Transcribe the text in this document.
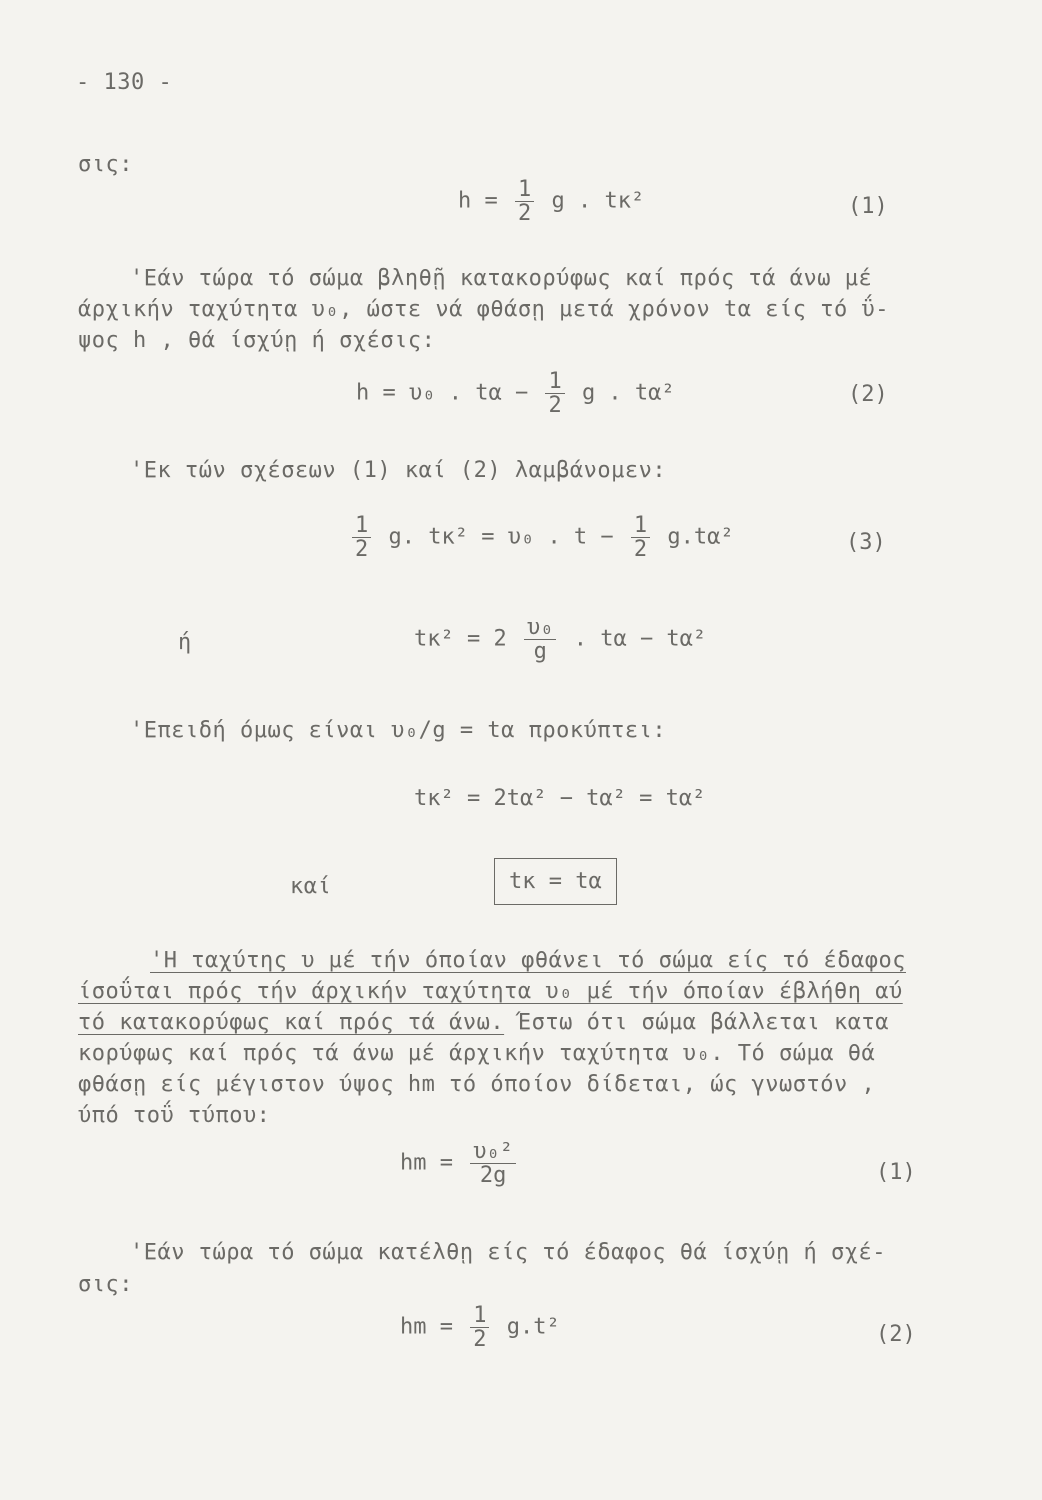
- 130 -
σις:
$h = \frac{1}{2}$ g . tκ²	(1)
'Εάν τώρα τό σώμα βληθῇ κατακορύφως καί πρός τά άνω μέ
άρχικήν ταχύτητα υ₀, ώστε νά φθάσῃ μετά χρόνον tα είς τό ΰ-
ψος h , θά ίσχύῃ ή σχέσις:
h = υ₀ . $t\alpha - \frac{1}{2}$ g . tα²	(2)
'Εκ τών σχέσεων (1) καί (2) λαμβάνομεν:
$\frac{1}{2} g$. tκ² = υ₀ . $t - \frac{1}{2} g.t\alpha^2$	(3)
ή	$t\kappa^2 = 2 \frac{\text{υ₀}}{g}$ . tα − tα²
'Επειδή όμως είναι υ₀/g = tα προκύπτει:
tκ² = 2tα² − tα² = tα²
καί	tκ = tα
'Η ταχύτης υ μέ τήν όποίαν φθάνει τό σώμα είς τό έδαφος
ίσοΰται πρός τήν άρχικήν ταχύτητα υ₀ μέ τήν όποίαν έβλήθη αύ
τό κατακορύφως καί πρός τά άνω. Έστω ότι σώμα βάλλεται κατα
κορύφως καί πρός τά άνω μέ άρχικήν ταχύτητα υ₀. Τό σώμα θά
φθάσῃ είς μέγιστον ύψος hm τό όποίον δίδεται, ώς γνωστόν ,
ύπό τοΰ τύπου:
hm = $\frac{\text{υ₀²}}{2g}$	(1)
'Εάν τώρα τό σώμα κατέλθῃ είς τό έδαφος θά ίσχύῃ ή σχέ-
σις:
hm = $\frac{1}{2} g.t^2$	(2)
